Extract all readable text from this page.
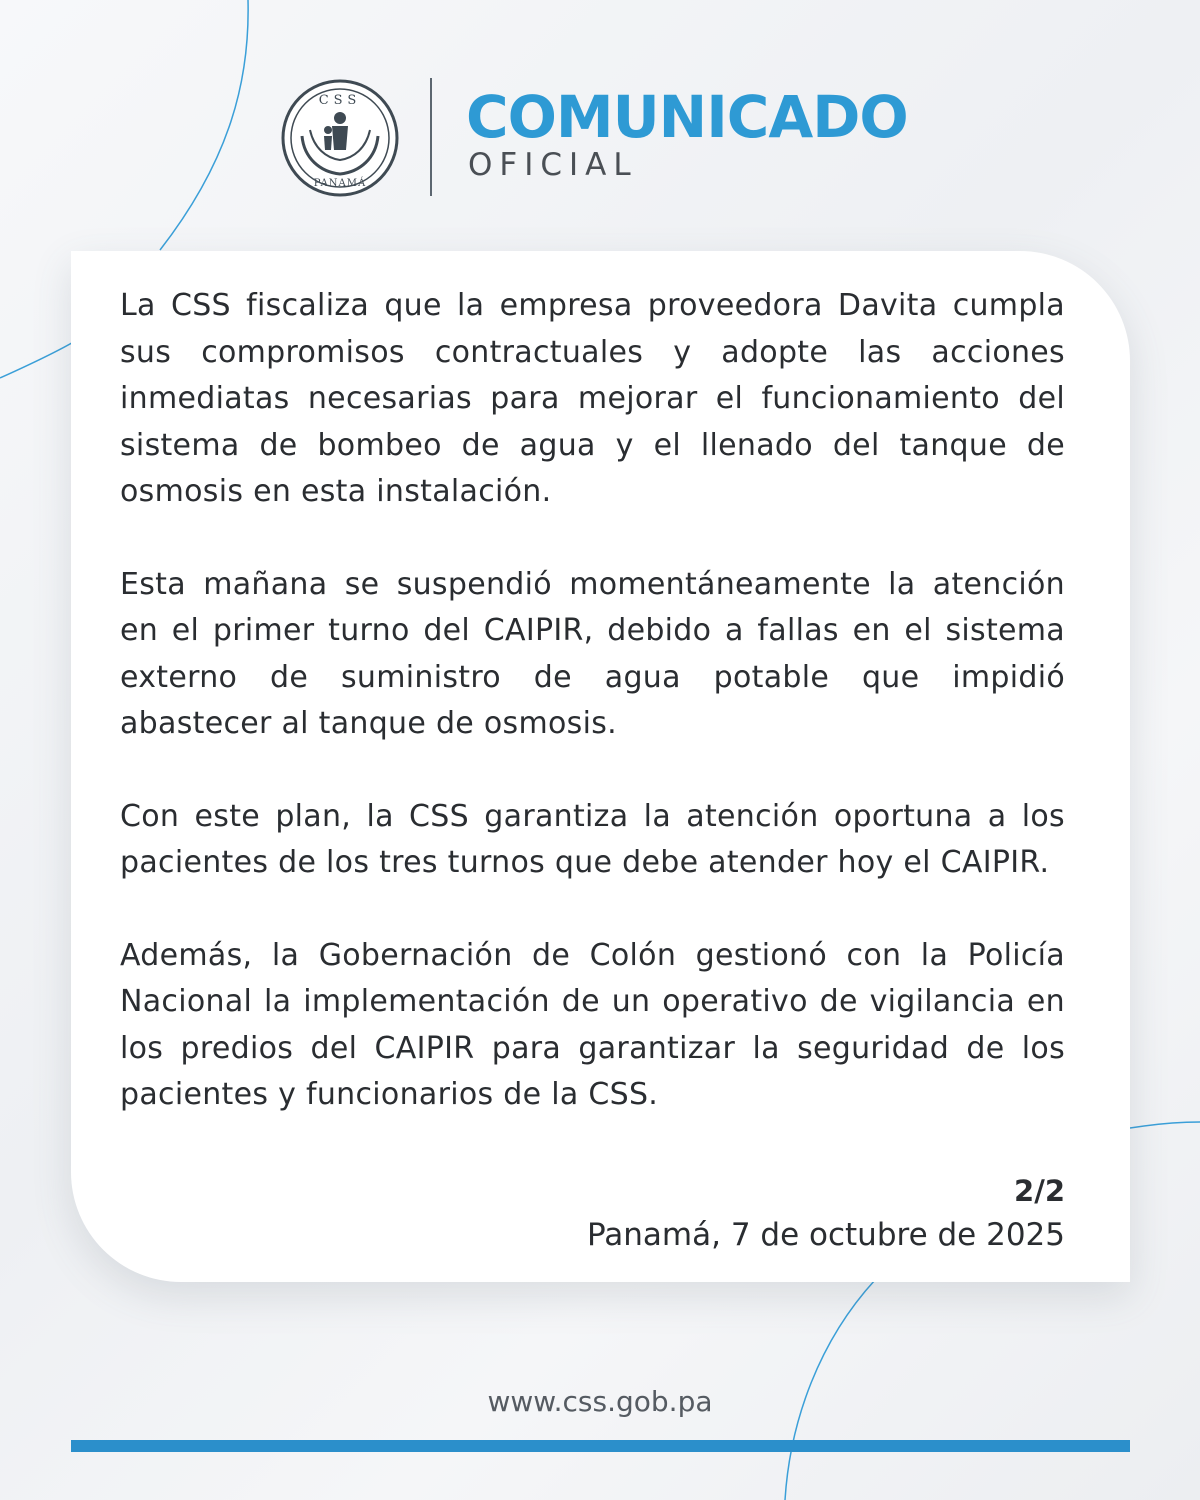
CSS
PANAMÁ
COMUNICADO
OFICIAL

La CSS fiscaliza que la empresa proveedora Davita cumpla sus compromisos contractuales y adopte las acciones inmediatas necesarias para mejorar el funcionamiento del sistema de bombeo de agua y el llenado del tanque de osmosis en esta instalación.

Esta mañana se suspendió momentáneamente la atención en el primer turno del CAIPIR, debido a fallas en el sistema externo de suministro de agua potable que impidió abastecer al tanque de osmosis.

Con este plan, la CSS garantiza la atención oportuna a los pacientes de los tres turnos que debe atender hoy el CAIPIR.

Además, la Gobernación de Colón gestionó con la Policía Nacional la implementación de un operativo de vigilancia en los predios del CAIPIR para garantizar la seguridad de los pacientes y funcionarios de la CSS.

2/2
Panamá, 7 de octubre de 2025
www.css.gob.pa
